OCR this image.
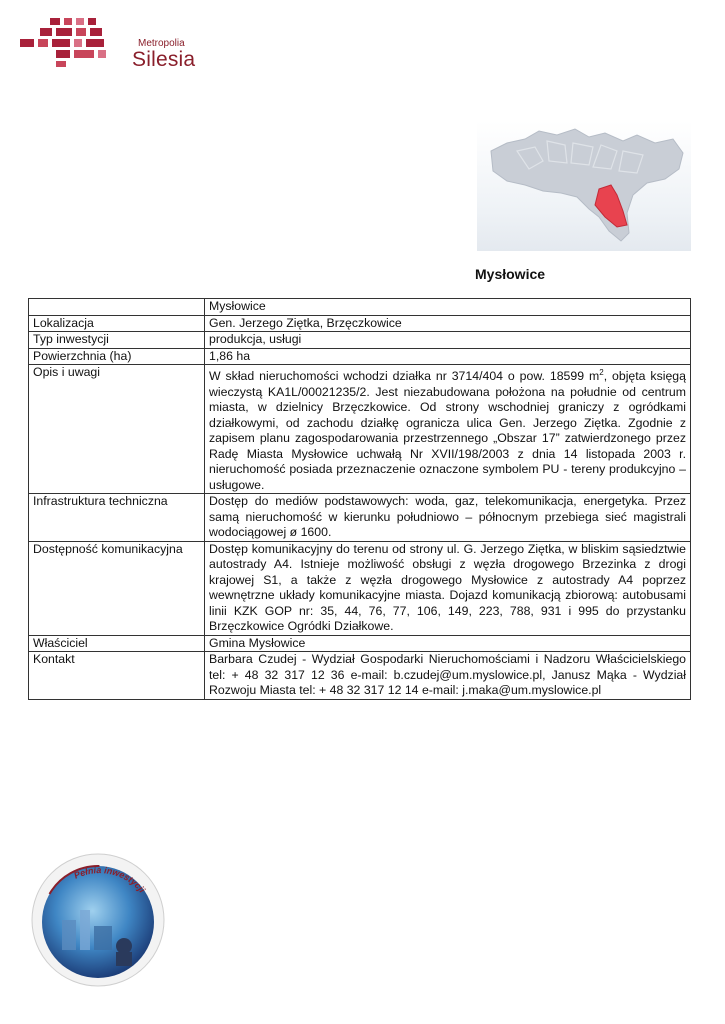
Metropolia
Silesia
Mysłowice
	Mysłowice
Lokalizacja	Gen. Jerzego Ziętka, Brzęczkowice
Typ inwestycji	produkcja, usługi
Powierzchnia (ha)	1,86 ha
Opis i uwagi	W skład nieruchomości wchodzi działka nr 3714/404 o pow. 18599 $m^2$, objęta księgą wieczystą KA1L/00021235/2. Jest niezabudowana położona na południe od centrum miasta, w dzielnicy Brzęczkowice. Od strony wschodniej graniczy z ogródkami działkowymi, od zachodu działkę ogranicza ulica Gen. Jerzego Ziętka. Zgodnie z zapisem planu zagospodarowania przestrzennego „Obszar 17” zatwierdzonego przez Radę Miasta Mysłowice uchwałą Nr XVII/198/2003 z dnia 14 listopada 2003 r. nieruchomość posiada przeznaczenie oznaczone symbolem PU - tereny produkcyjno – usługowe.
Infrastruktura techniczna	Dostęp do mediów podstawowych: woda, gaz, telekomunikacja, energetyka. Przez samą nieruchomość w kierunku południowo – północnym przebiega sieć magistrali wodociągowej ø 1600.
Dostępność komunikacyjna	Dostęp komunikacyjny do terenu od strony ul. G. Jerzego Ziętka, w bliskim sąsiedztwie autostrady A4. Istnieje możliwość obsługi z węzła drogowego Brzezinka z drogi krajowej S1, a także z węzła drogowego Mysłowice z autostrady A4 poprzez wewnętrzne układy komunikacyjne miasta. Dojazd komunikacją zbiorową: autobusami linii KZK GOP nr: 35, 44, 76, 77, 106, 149, 223, 788, 931 i 995 do przystanku Brzęczkowice Ogródki Działkowe.
Właściciel	Gmina Mysłowice
Kontakt	Barbara Czudej - Wydział Gospodarki Nieruchomościami i Nadzoru Właścicielskiego tel: + 48 32 317 12 36 e-mail: b.czudej@um.myslowice.pl, Janusz Mąka - Wydział Rozwoju Miasta tel: + 48 32 317 12 14 e-mail: j.maka@um.myslowice.pl
Pełnia inwestycji
